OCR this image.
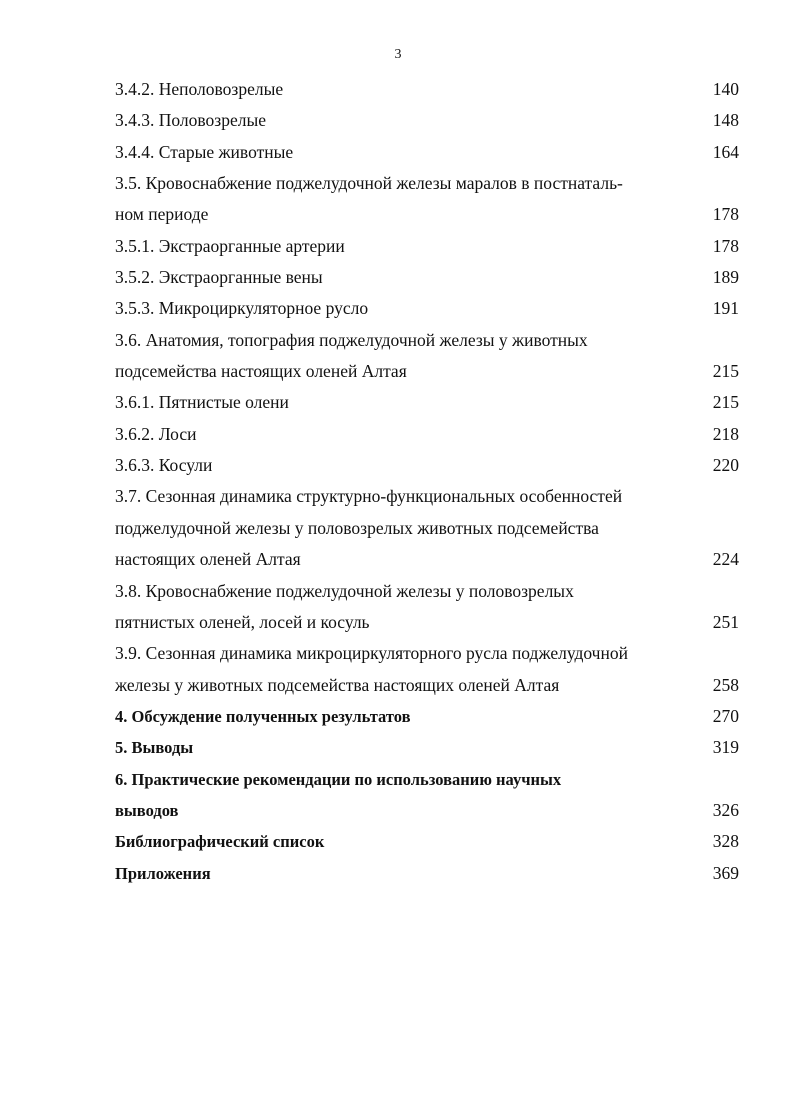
3
3.4.2. Неполовозрелые	140
3.4.3. Половозрелые	148
3.4.4. Старые животные	164
3.5. Кровоснабжение поджелудочной железы маралов в постнаталь-
ном периоде	178
3.5.1. Экстраорганные артерии	178
3.5.2. Экстраорганные вены	189
3.5.3. Микроциркуляторное русло	191
3.6. Анатомия, топография поджелудочной железы у животных
подсемейства настоящих оленей Алтая	215
3.6.1. Пятнистые олени	215
3.6.2. Лоси	218
3.6.3. Косули	220
3.7. Сезонная динамика структурно-функциональных особенностей
поджелудочной железы у половозрелых животных подсемейства
настоящих оленей Алтая	224
3.8. Кровоснабжение поджелудочной железы у половозрелых
пятнистых оленей, лосей и косуль	251
3.9. Сезонная динамика микроциркуляторного русла поджелудочной
железы у животных подсемейства настоящих оленей Алтая	258
4. Обсуждение полученных результатов	270
5. Выводы	319
6. Практические рекомендации по использованию научных
выводов	326
Библиографический список	328
Приложения	369
